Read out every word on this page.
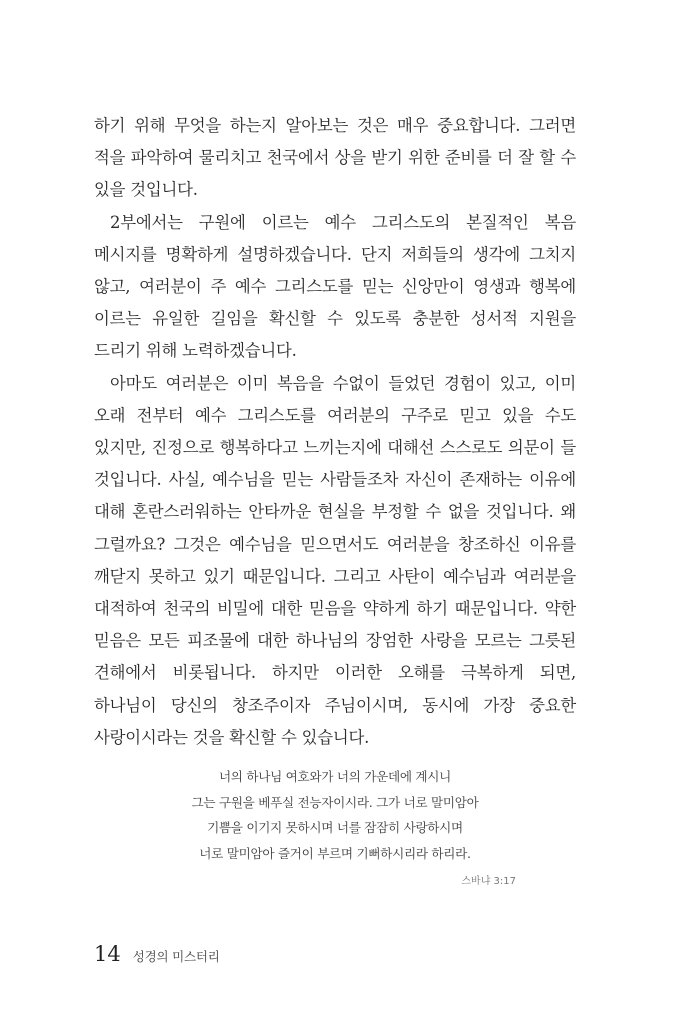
하기 위해 무엇을 하는지 알아보는 것은 매우 중요합니다. 그러면 적을 파악하여 물리치고 천국에서 상을 받기 위한 준비를 더 잘 할 수 있을 것입니다.

2부에서는 구원에 이르는 예수 그리스도의 본질적인 복음 메시지를 명확하게 설명하겠습니다. 단지 저희들의 생각에 그치지 않고, 여러분이 주 예수 그리스도를 믿는 신앙만이 영생과 행복에 이르는 유일한 길임을 확신할 수 있도록 충분한 성서적 지원을 드리기 위해 노력하겠습니다.

아마도 여러분은 이미 복음을 수없이 들었던 경험이 있고, 이미 오래 전부터 예수 그리스도를 여러분의 구주로 믿고 있을 수도 있지만, 진정으로 행복하다고 느끼는지에 대해선 스스로도 의문이 들 것입니다. 사실, 예수님을 믿는 사람들조차 자신이 존재하는 이유에 대해 혼란스러워하는 안타까운 현실을 부정할 수 없을 것입니다. 왜 그럴까요? 그것은 예수님을 믿으면서도 여러분을 창조하신 이유를 깨닫지 못하고 있기 때문입니다. 그리고 사탄이 예수님과 여러분을 대적하여 천국의 비밀에 대한 믿음을 약하게 하기 때문입니다. 약한 믿음은 모든 피조물에 대한 하나님의 장엄한 사랑을 모르는 그릇된 견해에서 비롯됩니다. 하지만 이러한 오해를 극복하게 되면, 하나님이 당신의 창조주이자 주님이시며, 동시에 가장 중요한 사랑이시라는 것을 확신할 수 있습니다.

너의 하나님 여호와가 너의 가운데에 계시니
그는 구원을 베푸실 전능자이시라. 그가 너로 말미암아
기쁨을 이기지 못하시며 너를 잠잠히 사랑하시며
너로 말미암아 즐거이 부르며 기뻐하시리라 하리라.
스바냐 3:17
14 성경의 미스터리
